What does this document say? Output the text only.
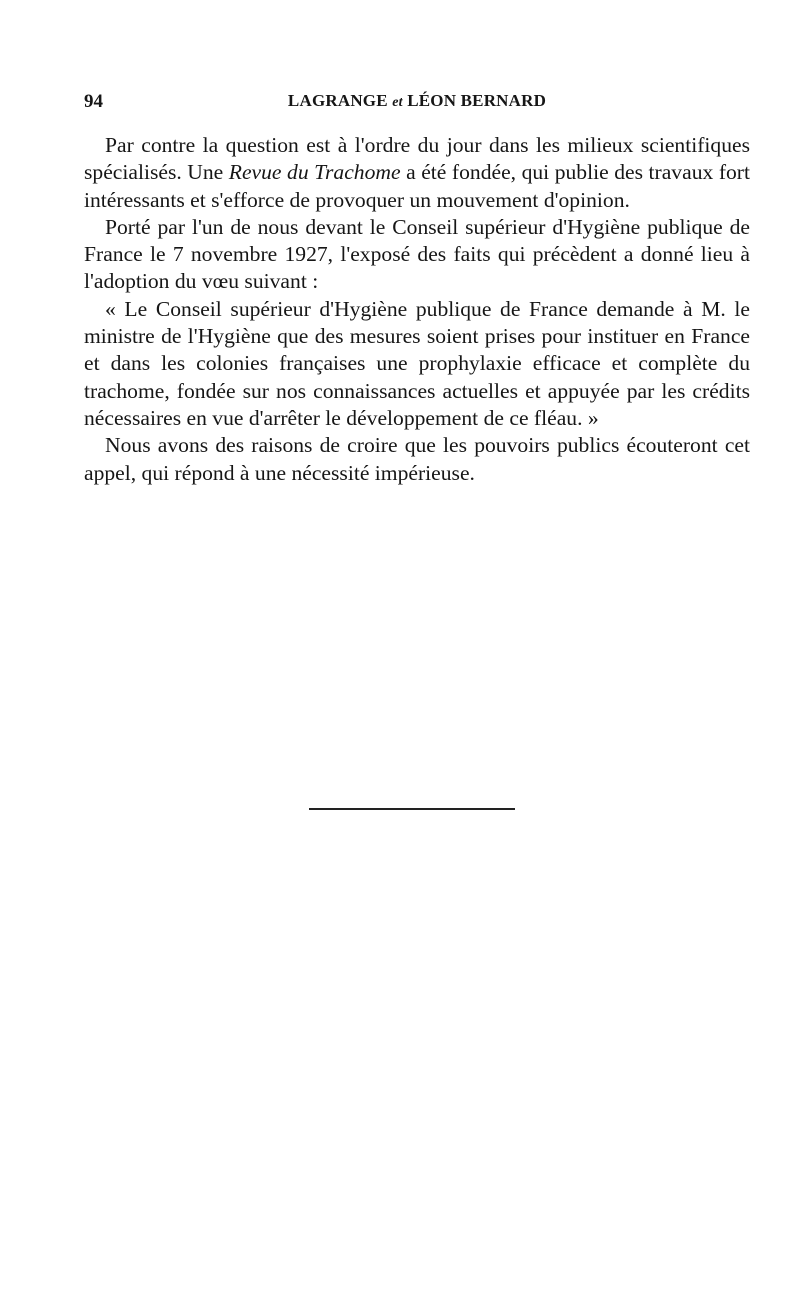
94	LAGRANGE et LÉON BERNARD

Par contre la question est à l'ordre du jour dans les milieux scientifiques spécialisés. Une Revue du Trachome a été fondée, qui publie des travaux fort intéressants et s'efforce de provoquer un mouvement d'opinion.

Porté par l'un de nous devant le Conseil supérieur d'Hygiène publique de France le 7 novembre 1927, l'exposé des faits qui précèdent a donné lieu à l'adoption du vœu suivant :

« Le Conseil supérieur d'Hygiène publique de France demande à M. le ministre de l'Hygiène que des mesures soient prises pour instituer en France et dans les colonies françaises une prophylaxie efficace et complète du trachome, fondée sur nos connaissances actuelles et appuyée par les crédits nécessaires en vue d'arrêter le développement de ce fléau. »

Nous avons des raisons de croire que les pouvoirs publics écouteront cet appel, qui répond à une nécessité impérieuse.
